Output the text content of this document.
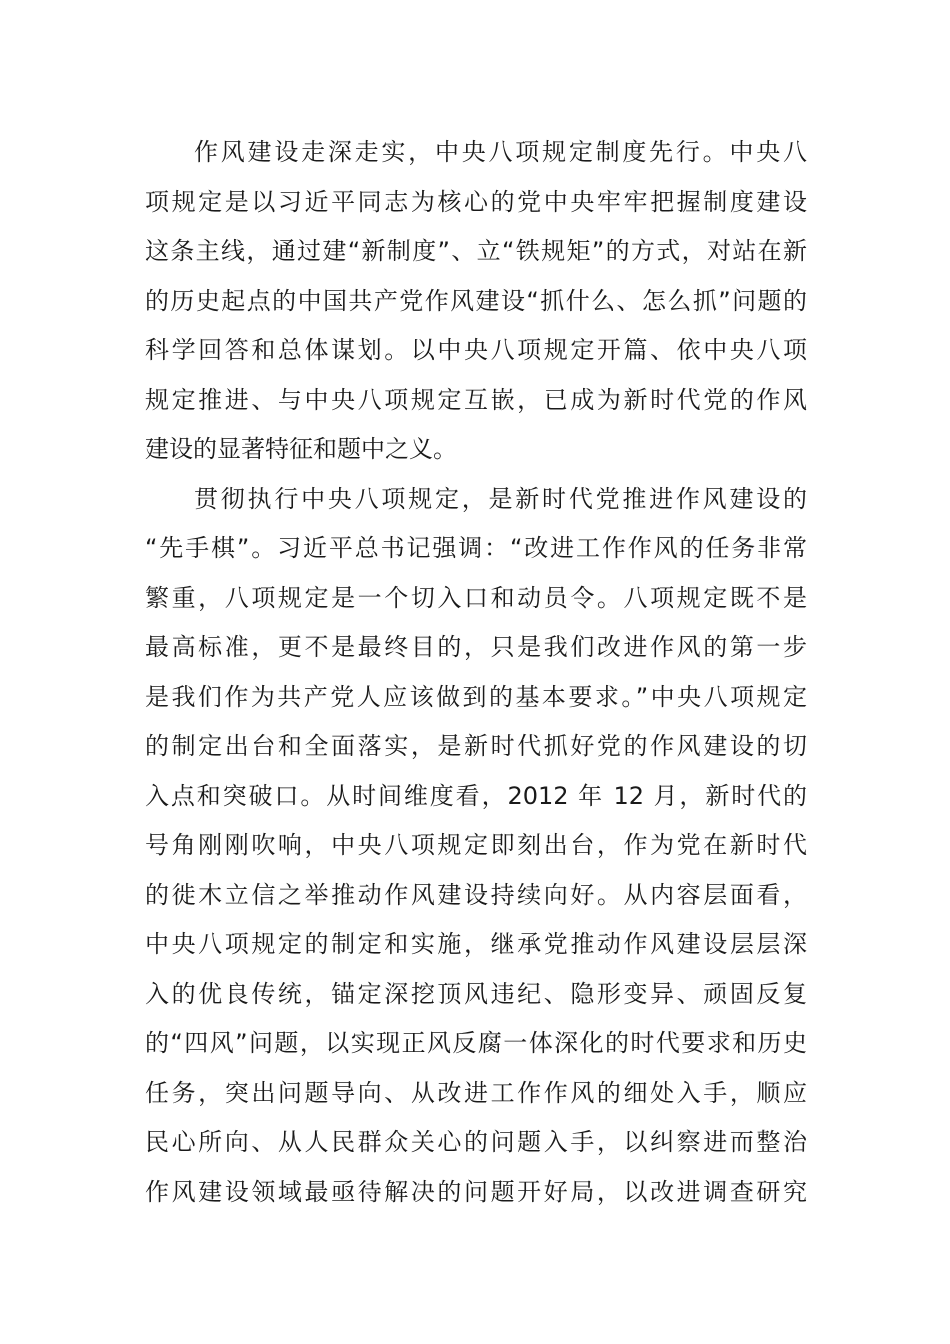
作风建设走深走实，中央八项规定制度先行。中央八
项规定是以习近平同志为核心的党中央牢牢把握制度建设
这条主线，通过建“新制度”、立“铁规矩”的方式，对站在新
的历史起点的中国共产党作风建设“抓什么、怎么抓”问题的
科学回答和总体谋划。以中央八项规定开篇、依中央八项
规定推进、与中央八项规定互嵌，已成为新时代党的作风
建设的显著特征和题中之义。
贯彻执行中央八项规定，是新时代党推进作风建设的
“先手棋”。习近平总书记强调：“改进工作作风的任务非常
繁重，八项规定是一个切入口和动员令。八项规定既不是
最高标准，更不是最终目的，只是我们改进作风的第一步
是我们作为共产党人应该做到的基本要求。”中央八项规定
的制定出台和全面落实，是新时代抓好党的作风建设的切
入点和突破口。从时间维度看，2012 年 12 月，新时代的
号角刚刚吹响，中央八项规定即刻出台，作为党在新时代
的徙木立信之举推动作风建设持续向好。从内容层面看，
中央八项规定的制定和实施，继承党推动作风建设层层深
入的优良传统，锚定深挖顶风违纪、隐形变异、顽固反复
的“四风”问题，以实现正风反腐一体深化的时代要求和历史
任务，突出问题导向、从改进工作作风的细处入手，顺应
民心所向、从人民群众关心的问题入手，以纠察进而整治
作风建设领域最亟待解决的问题开好局，以改进调查研究
